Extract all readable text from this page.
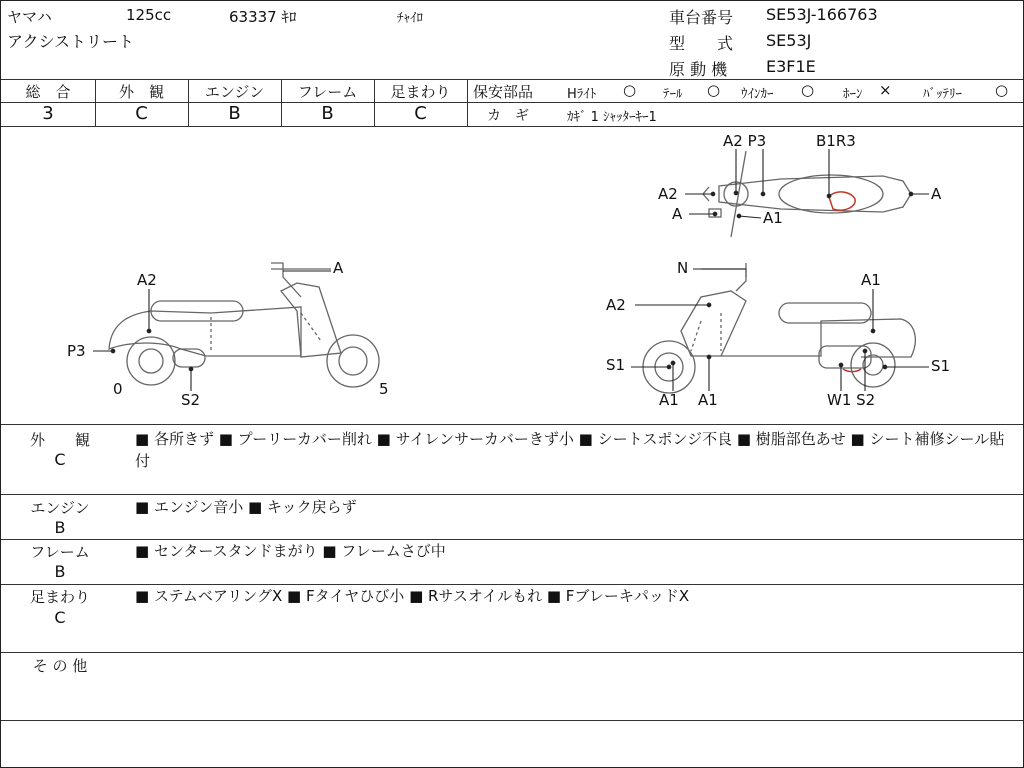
ヤマハ	125cc	63337 ｷﾛ	ﾁｬｲﾛ
アクシストリート
車台番号 SE53J-166763
型　　式 SE53J
原 動 機 E3F1E
総　合
3
外　観
C
エンジン
B
フレーム
B
足まわり
C
保安部品	Hﾗｲﾄ ○ ﾃｰﾙ ○ ｳｲﾝｶｰ ○ ﾎｰﾝ × ﾊﾞｯﾃﾘｰ ○
カ　ギ	ｶｷﾞ 1 ｼｬｯﾀｰｷｰ1
A
A2
P3
S2
0	5
A2 P3	B1R3
A2	A
A	A1
N
A1
A2
S1	S1
A1 A1	W1 S2
外　　観
C
■ 各所きず ■ プーリーカバー削れ ■ サイレンサーカバーきず小 ■ シートスポンジ不良 ■ 樹脂部色あせ ■ シート補修シール貼付
エンジン
B
■ エンジン音小 ■ キック戻らず
フレーム
B
■ センタースタンドまがり ■ フレームさび中
足まわり
C
■ ステムベアリングX ■ Fタイヤひび小 ■ Rサスオイルもれ ■ FブレーキパッドX
そ の 他
